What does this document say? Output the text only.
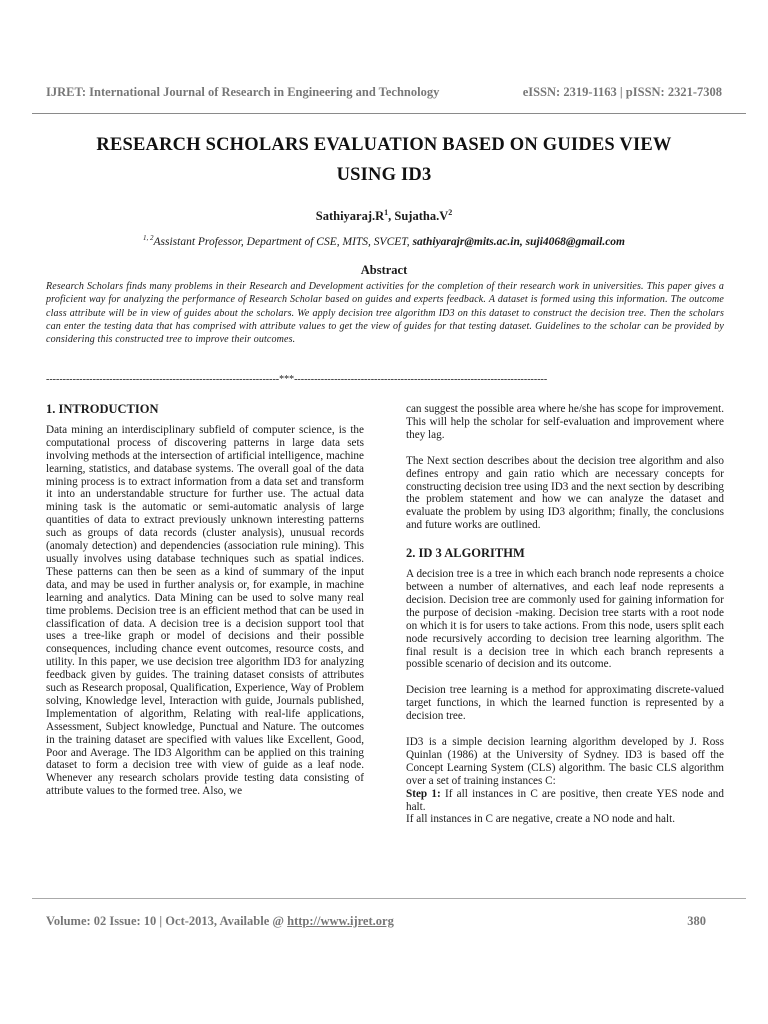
IJRET: International Journal of Research in Engineering and Technology	eISSN: 2319-1163 | pISSN: 2321-7308
RESEARCH SCHOLARS EVALUATION BASED ON GUIDES VIEW
USING ID3
$Sathiyaraj.R^1$, $Sujatha.V^2$
$^{1, 2}$Assistant Professor, Department of CSE, MITS, SVCET, sathiyarajr@mits.ac.in, suji4068@gmail.com
Abstract
Research Scholars finds many problems in their Research and Development activities for the completion of their research work in universities. This paper gives a proficient way for analyzing the performance of Research Scholar based on guides and experts feedback. A dataset is formed using this information. The outcome class attribute will be in view of guides about the scholars. We apply decision tree algorithm ID3 on this dataset to construct the decision tree. Then the scholars can enter the testing data that has comprised with attribute values to get the view of guides for that testing dataset. Guidelines to the scholar can be provided by considering this constructed tree to improve their outcomes.
----------------------------------------------------------------------***----------------------------------------------------------------------------
1. INTRODUCTION

Data mining an interdisciplinary subfield of computer science, is the computational process of discovering patterns in large data sets involving methods at the intersection of artificial intelligence, machine learning, statistics, and database systems. The overall goal of the data mining process is to extract information from a data set and transform it into an understandable structure for further use. The actual data mining task is the automatic or semi-automatic analysis of large quantities of data to extract previously unknown interesting patterns such as groups of data records (cluster analysis), unusual records (anomaly detection) and dependencies (association rule mining). This usually involves using database techniques such as spatial indices. These patterns can then be seen as a kind of summary of the input data, and may be used in further analysis or, for example, in machine learning and analytics. Data Mining can be used to solve many real time problems. Decision tree is an efficient method that can be used in classification of data. A decision tree is a decision support tool that uses a tree-like graph or model of decisions and their possible consequences, including chance event outcomes, resource costs, and utility. In this paper, we use decision tree algorithm ID3 for analyzing feedback given by guides. The training dataset consists of attributes such as Research proposal, Qualification, Experience, Way of Problem solving, Knowledge level, Interaction with guide, Journals published, Implementation of algorithm, Relating with real-life applications, Assessment, Subject knowledge, Punctual and Nature. The outcomes in the training dataset are specified with values like Excellent, Good, Poor and Average. The ID3 Algorithm can be applied on this training dataset to form a decision tree with view of guide as a leaf node. Whenever any research scholars provide testing data consisting of attribute values to the formed tree. Also, we

can suggest the possible area where he/she has scope for improvement. This will help the scholar for self-evaluation and improvement where they lag.

The Next section describes about the decision tree algorithm and also defines entropy and gain ratio which are necessary concepts for constructing decision tree using ID3 and the next section by describing the problem statement and how we can analyze the dataset and evaluate the problem by using ID3 algorithm; finally, the conclusions and future works are outlined.

2. ID 3 ALGORITHM

A decision tree is a tree in which each branch node represents a choice between a number of alternatives, and each leaf node represents a decision. Decision tree are commonly used for gaining information for the purpose of decision -making. Decision tree starts with a root node on which it is for users to take actions. From this node, users split each node recursively according to decision tree learning algorithm. The final result is a decision tree in which each branch represents a possible scenario of decision and its outcome.

Decision tree learning is a method for approximating discrete-valued target functions, in which the learned function is represented by a decision tree.

ID3 is a simple decision learning algorithm developed by J. Ross Quinlan (1986) at the University of Sydney. ID3 is based off the Concept Learning System (CLS) algorithm. The basic CLS algorithm over a set of training instances C:

Step 1: If all instances in C are positive, then create YES node and halt.

If all instances in C are negative, create a NO node and halt.

Volume: 02 Issue: 10 | Oct-2013, Available @ http://www.ijret.org	380
